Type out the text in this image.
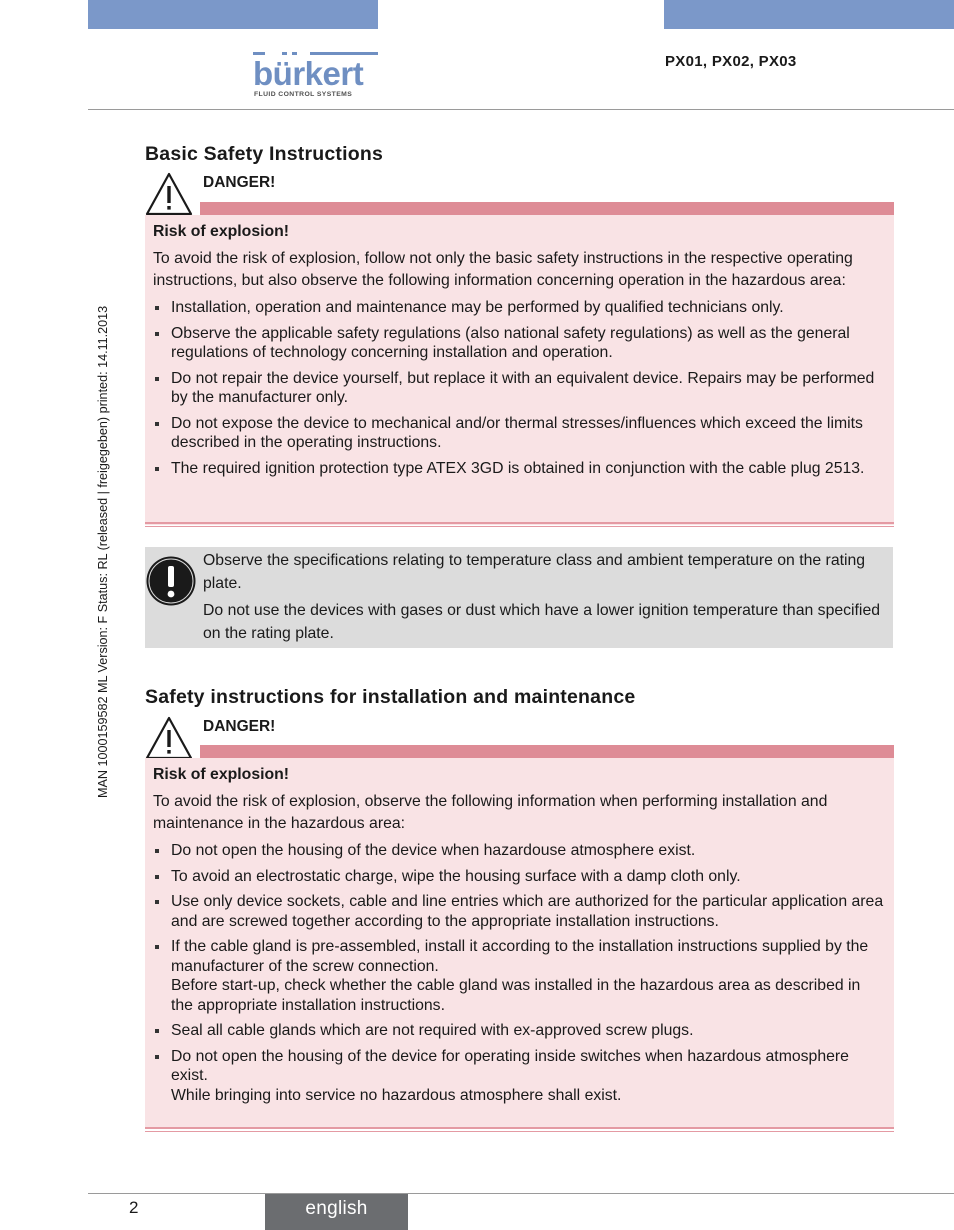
bürkert
FLUID CONTROL SYSTEMS
PX01, PX02, PX03
MAN 1000159582 ML Version: F Status: RL (released | freigegeben) printed: 14.11.2013
Basic Safety Instructions
DANGER!
Risk of explosion!

To avoid the risk of explosion, follow not only the basic safety instructions in the respective operating instructions, but also observe the following information concerning operation in the hazardous area:

Installation, operation and maintenance may be performed by qualified technicians only.
Observe the applicable safety regulations (also national safety regulations) as well as the general regulations of technology concerning installation and operation.
Do not repair the device yourself, but replace it with an equivalent device. Repairs may be performed by the manufacturer only.
Do not expose the device to mechanical and/or thermal stresses/influences which exceed the limits described in the operating instructions.
The required ignition protection type ATEX 3GD is obtained in conjunction with the cable plug 2513.

Observe the specifications relating to temperature class and ambient temperature on the rating plate.

Do not use the devices with gases or dust which have a lower ignition temperature than specified on the rating plate.

Safety instructions for installation and maintenance
DANGER!
Risk of explosion!

To avoid the risk of explosion, observe the following information when performing installation and maintenance in the hazardous area:

Do not open the housing of the device when hazardouse atmosphere exist.
To avoid an electrostatic charge, wipe the housing surface with a damp cloth only.
Use only device sockets, cable and line entries which are authorized for the particular application area and are screwed together according to the appropriate installation instructions.
If the cable gland is pre-assembled, install it according to the installation instructions supplied by the manufacturer of the screw connection.
Before start-up, check whether the cable gland was installed in the hazardous area as described in the appropriate installation instructions.
Seal all cable glands which are not required with ex-approved screw plugs.
Do not open the housing of the device for operating inside switches when hazardous atmosphere exist.
While bringing into service no hazardous atmosphere shall exist.
2	english
